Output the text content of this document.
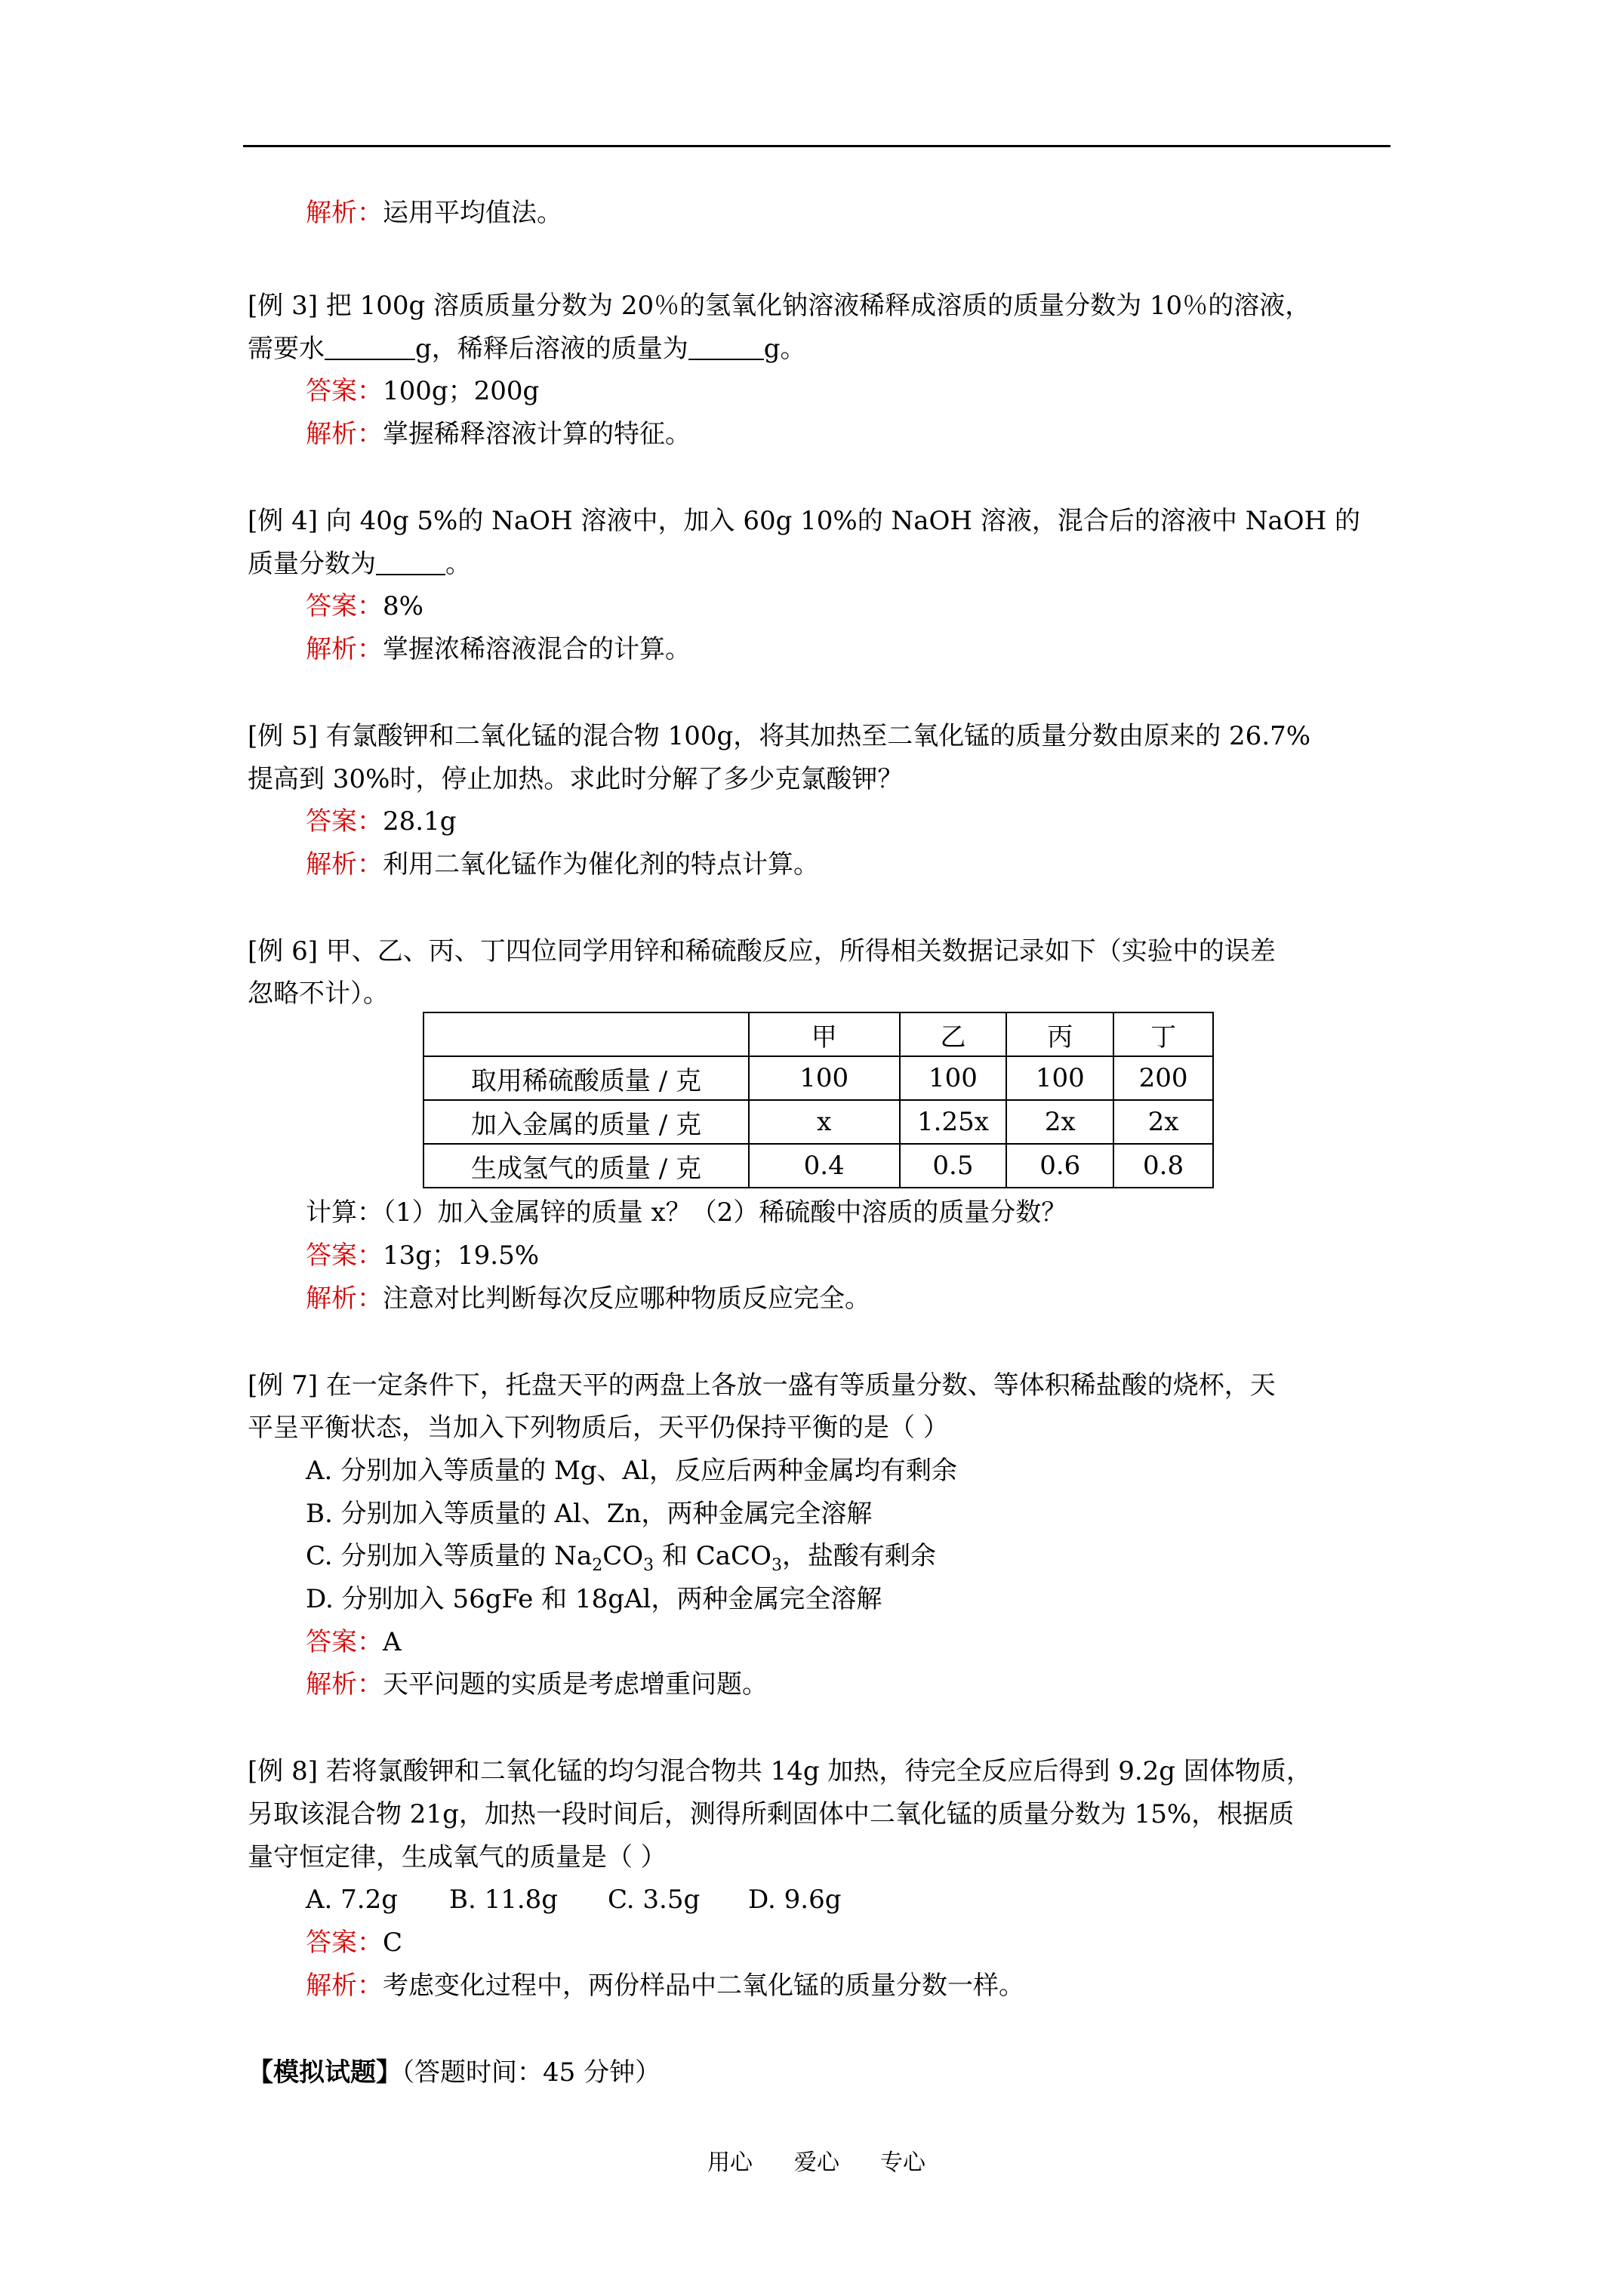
解析：运用平均值法。
[例 3] 把 100g 溶质质量分数为 20％的氢氧化钠溶液稀释成溶质的质量分数为 10％的溶液，
需要水	g，稀释后溶液的质量为	g。
答案：100g；200g
解析：掌握稀释溶液计算的特征。
[例 4] 向 40g 5%的 NaOH 溶液中，加入 60g 10%的 NaOH 溶液，混合后的溶液中 NaOH 的
质量分数为	。
答案：8%
解析：掌握浓稀溶液混合的计算。
[例 5] 有氯酸钾和二氧化锰的混合物 100g，将其加热至二氧化锰的质量分数由原来的 26.7%
提高到 30%时，停止加热。求此时分解了多少克氯酸钾？
答案：28.1g
解析：利用二氧化锰作为催化剂的特点计算。
[例 6] 甲、乙、丙、丁四位同学用锌和稀硫酸反应，所得相关数据记录如下（实验中的误差
忽略不计）。
	甲	乙	丙	丁
取用稀硫酸质量 / 克	100	100	100	200
加入金属的质量 / 克	x	1.25x	2x	2x
生成氢气的质量 / 克	0.4	0.5	0.6	0.8
计算：（1）加入金属锌的质量 x？（2）稀硫酸中溶质的质量分数？
答案：13g；19.5%
解析：注意对比判断每次反应哪种物质反应完全。
[例 7] 在一定条件下，托盘天平的两盘上各放一盛有等质量分数、等体积稀盐酸的烧杯，天
平呈平衡状态，当加入下列物质后，天平仍保持平衡的是（ ）
A. 分别加入等质量的 Mg、Al，反应后两种金属均有剩余
B. 分别加入等质量的 Al、Zn，两种金属完全溶解
C. 分别加入等质量的 $Na_2CO_3$ 和 CaCO$_3$，盐酸有剩余
D. 分别加入 56gFe 和 18gAl，两种金属完全溶解
答案：A
解析：天平问题的实质是考虑增重问题。
[例 8] 若将氯酸钾和二氧化锰的均匀混合物共 14g 加热，待完全反应后得到 9.2g 固体物质，
另取该混合物 21g，加热一段时间后，测得所剩固体中二氧化锰的质量分数为 15%，根据质
量守恒定律，生成氧气的质量是（ ）
A. 7.2g B. 11.8g C. 3.5g D. 9.6g
答案：C
解析：考虑变化过程中，两份样品中二氧化锰的质量分数一样。
【模拟试题】（答题时间：45 分钟）
用心 爱心 专心
